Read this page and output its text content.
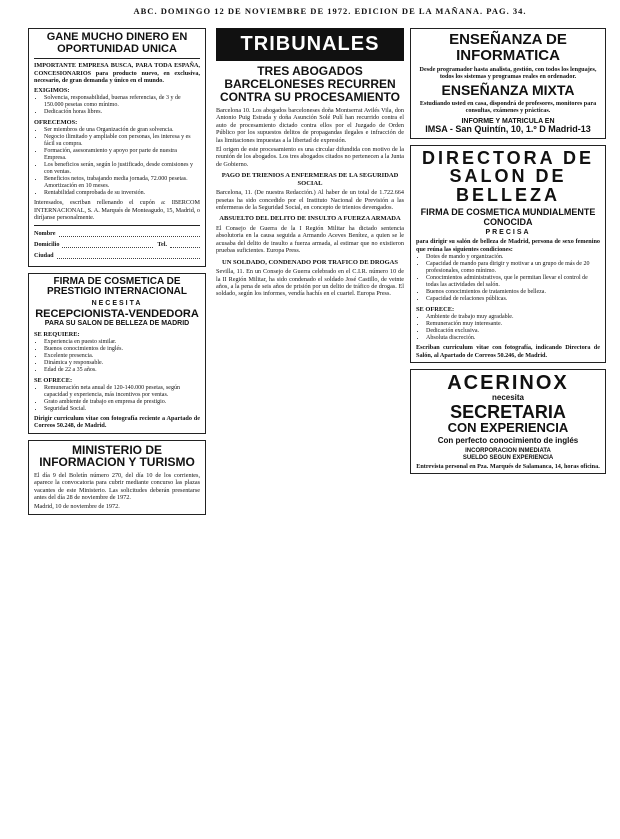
ABC. DOMINGO 12 DE NOVIEMBRE DE 1972. EDICION DE LA MAÑANA. PAG. 34.
GANE MUCHO DINERO EN OPORTUNIDAD UNICA
IMPORTANTE EMPRESA BUSCA, PARA TODA ESPAÑA, CONCESIONARIOS para producto nuevo, en exclusiva, necesario, de gran demanda y único en el mundo.
EXIGIMOS:
• Solvencia, responsabilidad, buenas referencias, de 3 y de 150.000 pesetas como mínimo.
• Dedicación horas libres.
OFRECEMOS:
• Ser miembros de una Organización de gran solvencia.
• Negocio ilimitado y ampliable con personas, les interesa y es fácil su compra.
• Formación, asesoramiento y apoyo por parte de nuestra Empresa.
• Los beneficios serán, según lo justificado, desde comisiones y con ventas.
• Beneficios netos, trabajando media jornada, 72.000 pesetas. Amortización en 10 meses.
• Rentabilidad comprobada de su inversión.
Interesados, escriban rellenando el cupón a: IBERCOM INTERNACIONAL, S. A. Marqués de Monteagudo, 15, Madrid, o diríjanse personalmente.
Nombre
Domicilio	Tel.
Ciudad
FIRMA DE COSMETICA DE PRESTIGIO INTERNACIONAL
NECESITA
RECEPCIONISTA-VENDEDORA
PARA SU SALON DE BELLEZA DE MADRID
SE REQUIERE:
• Experiencia en puesto similar.
• Buenos conocimientos de inglés.
• Excelente presencia.
• Dinámica y responsable.
• Edad de 22 a 35 años.
SE OFRECE:
• Remuneración neta anual de 120-140.000 pesetas, según capacidad y experiencia, más incentivos por ventas.
• Grato ambiente de trabajo en empresa de prestigio.
• Seguridad Social.
Dirigir curriculum vitae con fotografía reciente a Apartado de Correos 50.248, de Madrid.
MINISTERIO DE INFORMACION Y TURISMO
El día 9 del Boletín número 270, del día 10 de los corrientes, aparece la convocatoria para cubrir mediante concurso las plazas vacantes de este Ministerio. Las solicitudes deberán presentarse antes del día 28 de noviembre de 1972.
Madrid, 10 de noviembre de 1972.
TRIBUNALES
TRES ABOGADOS BARCELONESES RECURREN CONTRA SU PROCESAMIENTO
Barcelona 10. Los abogados barceloneses doña Montserrat Avilés Vila, don Antonio Puig Estrada y doña Asunción Solé Pulí han recurrido contra el auto de procesamiento dictado contra ellos por el Juzgado de Orden Público por los supuestos delitos de propagandas ilegales e infracción de las limitaciones impuestas a la libertad de expresión.
El origen de este procesamiento es una circular difundida con motivo de la reunión de los abogados. Los tres abogados citados no pertenecen a la Junta de Gobierno.
PAGO DE TRIENIOS A ENFERMERAS DE LA SEGURIDAD SOCIAL
Barcelona, 11. (De nuestra Redacción.) Al haber de un total de 1.722.664 pesetas ha sido concedido por el Instituto Nacional de Previsión a las enfermeras de la Seguridad Social, en concepto de trienios devengados.
ABSUELTO DEL DELITO DE INSULTO A FUERZA ARMADA
El Consejo de Guerra de la I Región Militar ha dictado sentencia absolutoria en la causa seguida a Armando Aceves Benítez, a quien se le acusaba del delito de insulto a fuerza armada, al estimar que no existieron pruebas suficientes. Europa Press.
UN SOLDADO, CONDENADO POR TRAFICO DE DROGAS
Sevilla, 11. En un Consejo de Guerra celebrado en el C.I.R. número 10 de la II Región Militar, ha sido condenado el soldado José Castillo, de veinte años, a la pena de seis años de prisión por un delito de tráfico de drogas. El soldado, según los informes, vendía hachís en el cuartel. Europa Press.
ENSEÑANZA DE INFORMATICA
Desde programador hasta analista, gestión, con todos los lenguajes, todos los sistemas y programas reales en ordenador.
ENSEÑANZA MIXTA
Estudiando usted en casa, dispondrá de profesores, monitores para consultas, exámenes y prácticas.
INFORME Y MATRICULA EN
IMSA - San Quintín, 10, 1.º D Madrid-13
DIRECTORA DE SALON DE BELLEZA
FIRMA DE COSMETICA MUNDIALMENTE CONOCIDA
PRECISA
para dirigir su salón de belleza de Madrid, persona de sexo femenino que reúna las siguientes condiciones:
• Dotes de mando y organización.
• Capacidad de mando para dirigir y motivar a un grupo de más de 20 profesionales, como mínimo.
• Conocimientos administrativos, que le permitan llevar el control de todas las actividades del salón.
• Buenos conocimientos de tratamientos de belleza.
• Capacidad de relaciones públicas.
SE OFRECE:
• Ambiente de trabajo muy agradable.
• Remuneración muy interesante.
• Dedicación exclusiva.
• Absoluta discreción.
Escriban curriculum vitae con fotografía, indicando Directora de Salón, al Apartado de Correos 50.246, de Madrid.
ACERINOX
necesita
SECRETARIA
CON EXPERIENCIA
Con perfecto conocimiento de inglés
INCORPORACION INMEDIATA
SUELDO SEGUN EXPERIENCIA
Entrevista personal en Pza. Marqués de Salamanca, 14, horas oficina.
